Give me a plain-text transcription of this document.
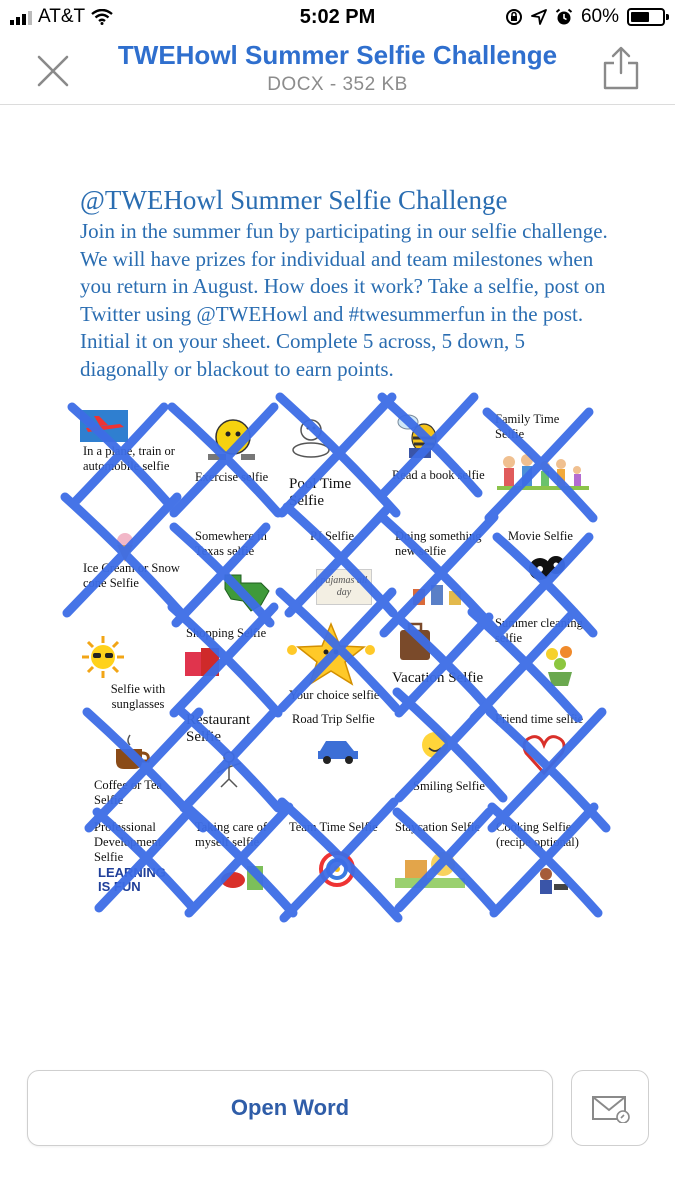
AT&T	5:02 PM	60%
TWEHowl Summer Selfie Challenge
DOCX - 352 KB
@TWEHowl Summer Selfie Challenge
Join in the summer fun by participating in our selfie challenge. We will have prizes for individual and team milestones when you return in August. How does it work? Take a selfie, post on Twitter using @TWEHowl and #twesummerfun in the post. Initial it on your sheet. Complete 5 across, 5 down, 5 diagonally or blackout to earn points.
In a plane, train or automobile selfie
Exercise selfie	Pool Time Selfie
Read a book selfie
Family Time Selfie
Ice Cream or Snow cone Selfie
Somewhere in Texas selfie
PJ Selfie
pajamas all day
Doing something new selfie
Movie Selfie
Selfie with sunglasses
Shopping Selfie
Your choice selfie
Vacation Selfie
Summer cleaning selfie
Coffee or Tea Selfie
Restaurant Selfie
Road Trip Selfie
Smiling Selfie
Friend time selfie
Professional Development Selfie
LEARNING IS FUN
Taking care of myself selfie
Team Time Selfie	Staycation Selfie	Cooking Selfie (recipe optional)
Open Word
